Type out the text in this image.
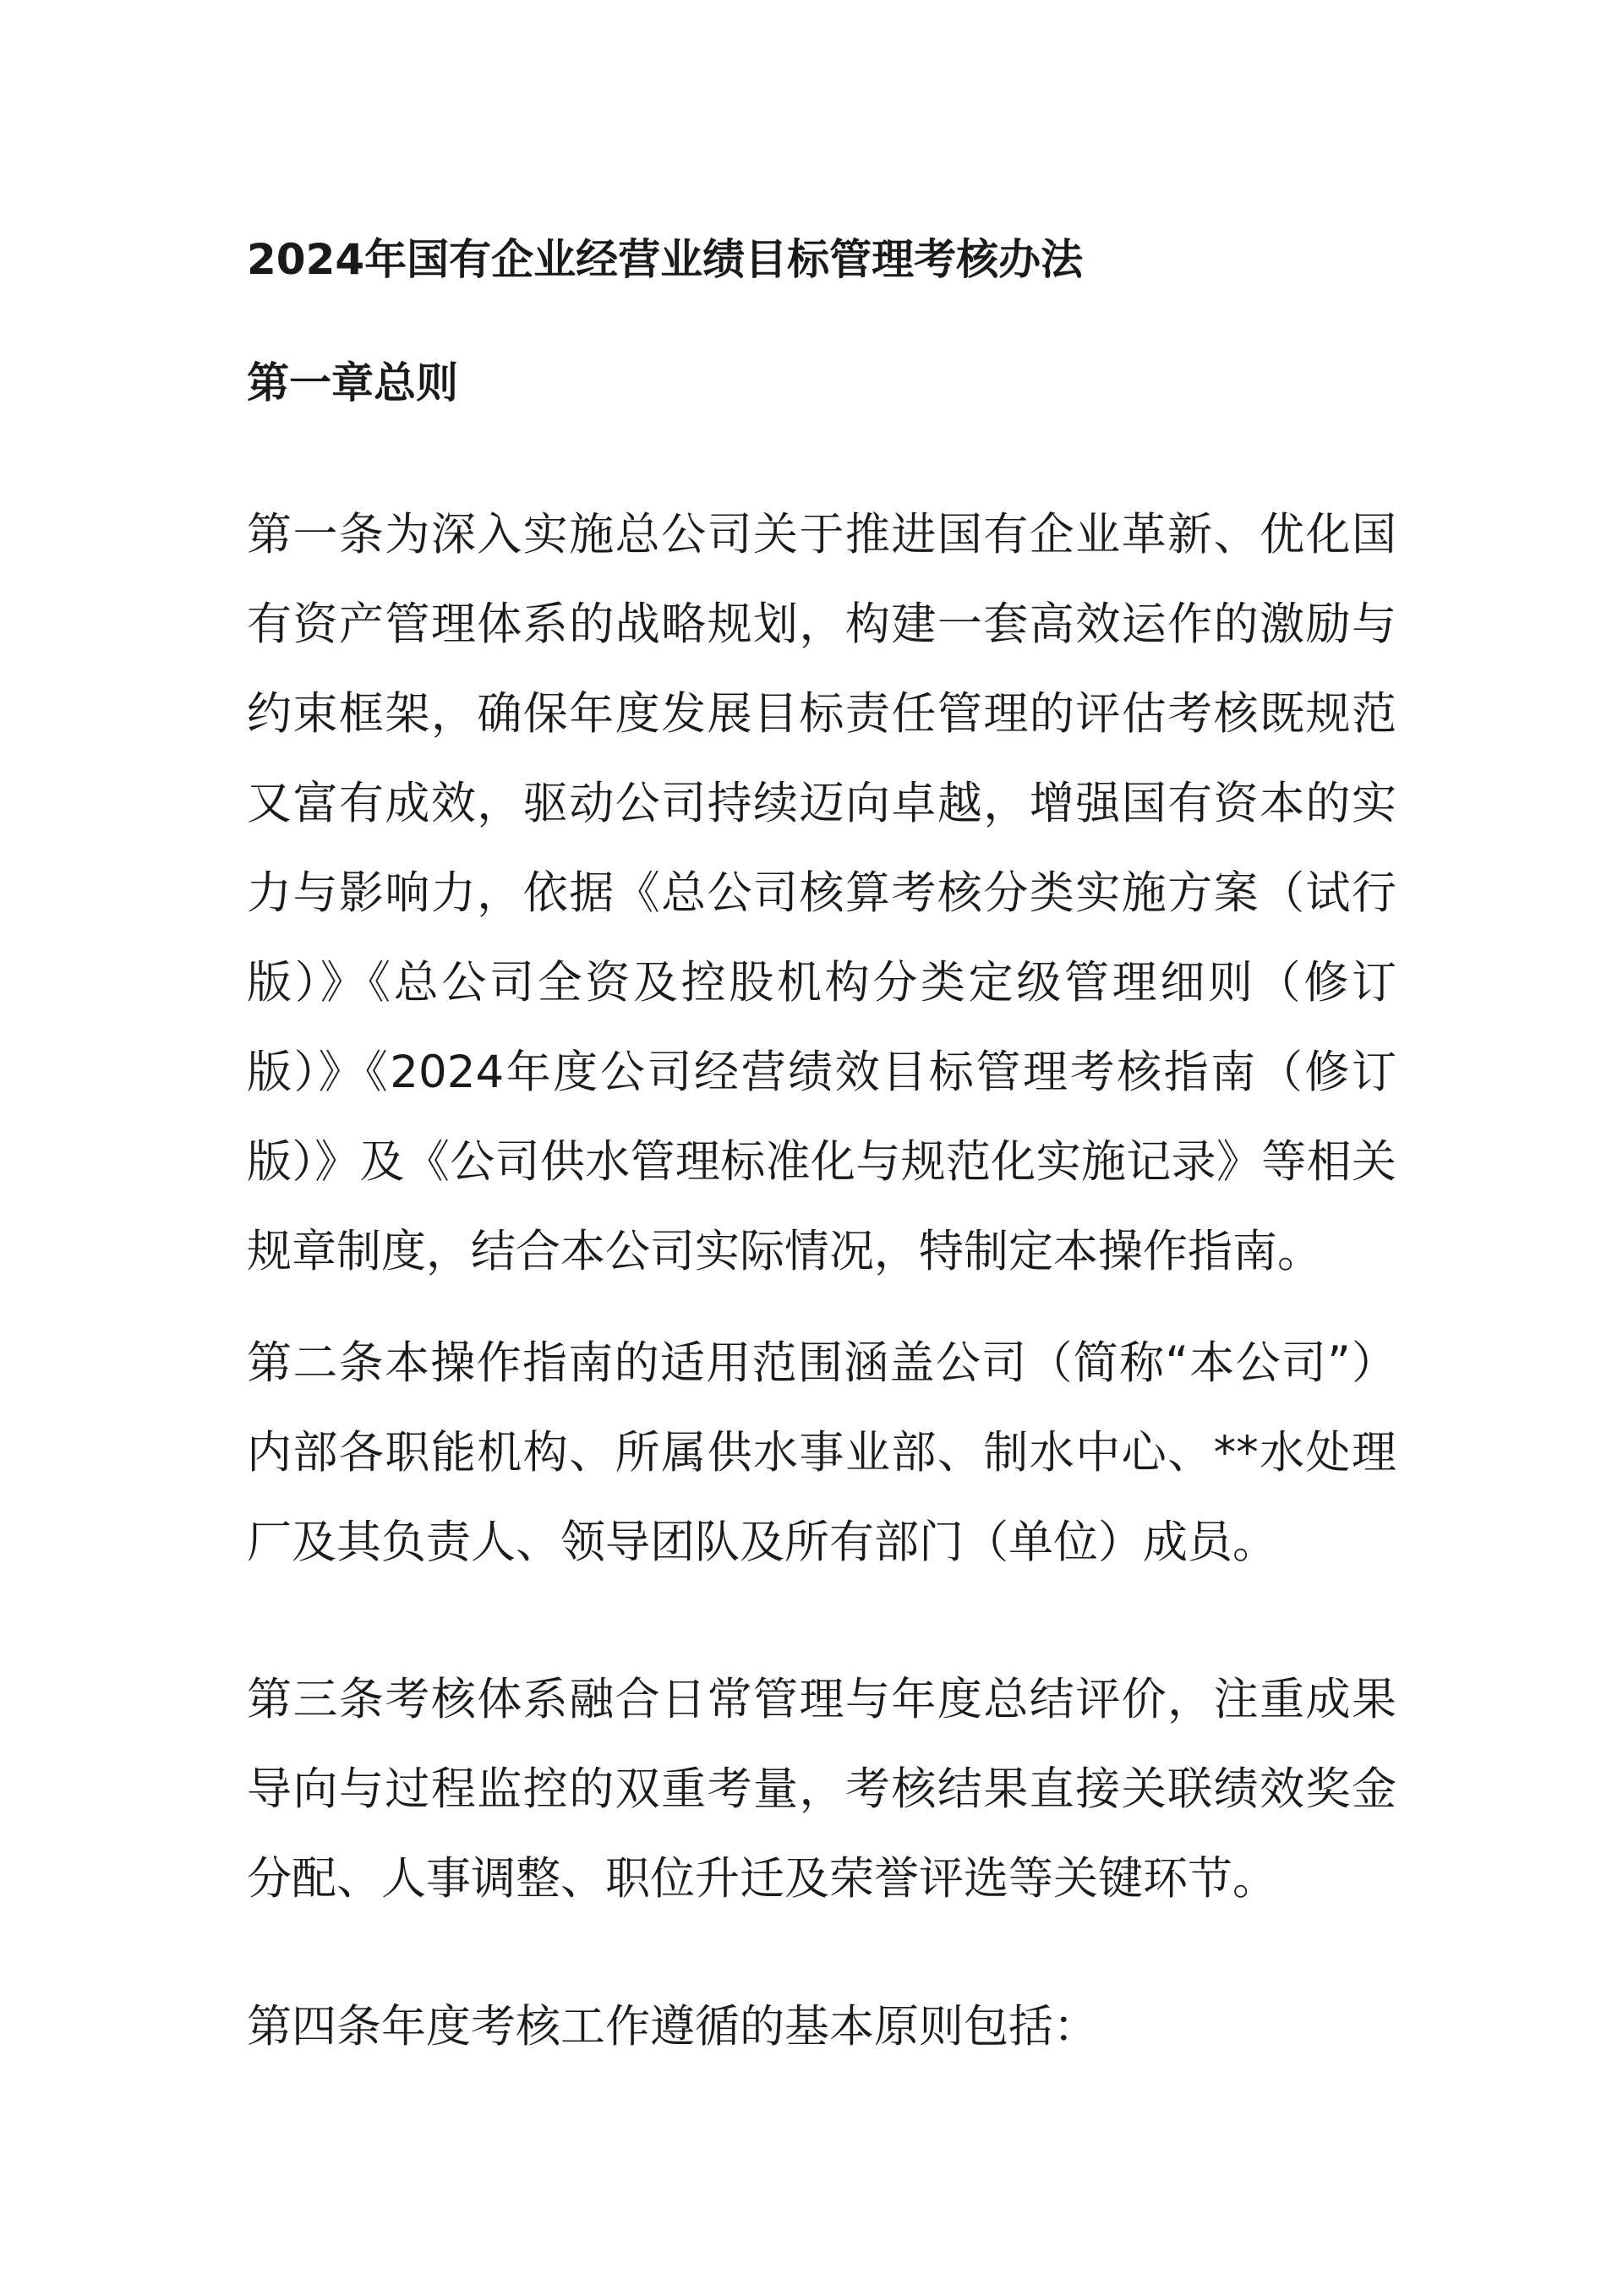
2024年国有企业经营业绩目标管理考核办法
第一章总则
第一条为深入实施总公司关于推进国有企业革新、优化国有资产管理体系的战略规划，构建一套高效运作的激励与约束框架，确保年度发展目标责任管理的评估考核既规范又富有成效，驱动公司持续迈向卓越，增强国有资本的实力与影响力，依据《总公司核算考核分类实施方案（试行版）》《总公司全资及控股机构分类定级管理细则（修订版）》《2024年度公司经营绩效目标管理考核指南（修订版）》及《公司供水管理标准化与规范化实施记录》等相关规章制度，结合本公司实际情况，特制定本操作指南。
第二条本操作指南的适用范围涵盖公司（简称“本公司”）内部各职能机构、所属供水事业部、制水中心、**水处理厂及其负责人、领导团队及所有部门（单位）成员。
第三条考核体系融合日常管理与年度总结评价，注重成果导向与过程监控的双重考量，考核结果直接关联绩效奖金分配、人事调整、职位升迁及荣誉评选等关键环节。
第四条年度考核工作遵循的基本原则包括：
